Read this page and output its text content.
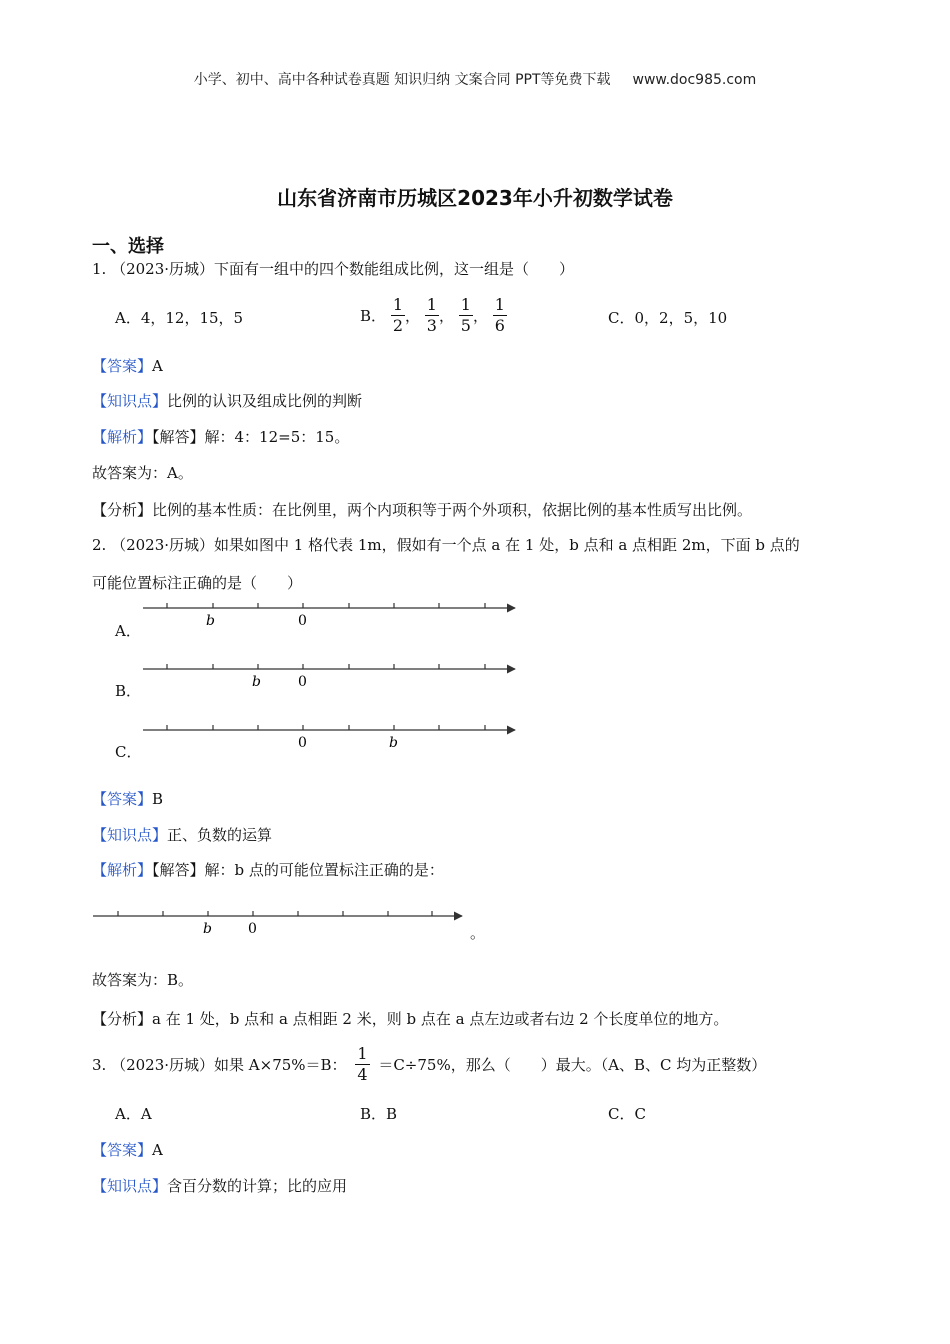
小学、初中、高中各种试卷真题 知识归纳 文案合同 PPT等免费下载 www.doc985.com
山东省济南市历城区2023年小升初数学试卷
一、选择
1. （2023·历城）下面有一组中的四个数能组成比例，这一组是（　　）
A．4，12，15，5	B． $\frac{1}{2}$ ， $\frac{1}{3}$ ， $\frac{1}{5}$ ， $\frac{1}{6}$	C．0，2，5，10
【答案】A
【知识点】比例的认识及组成比例的判断
【解析】【解答】解：4：12=5：15。
故答案为：A。
【分析】比例的基本性质：在比例里，两个内项积等于两个外项积，依据比例的基本性质写出比例。
2. （2023·历城）如果如图中 1 格代表 1m，假如有一个点 a 在 1 处，b 点和 a 点相距 2m，下面 b 点的
可能位置标注正确的是（　　）
A．
B．
C．
b	0
b	0
0	b
b	0
【答案】B
【知识点】正、负数的运算
【解析】【解答】解：b 点的可能位置标注正确的是：
。
故答案为：B。
【分析】a 在 1 处，b 点和 a 点相距 2 米，则 b 点在 a 点左边或者右边 2 个长度单位的地方。
3. （2023·历城）如果 A×75%＝B： $\frac{1}{4} =C\div 75\%$，那么（　　）最大。（A、B、C 均为正整数）
A．A	B．B	C．C
【答案】A
【知识点】含百分数的计算；比的应用
